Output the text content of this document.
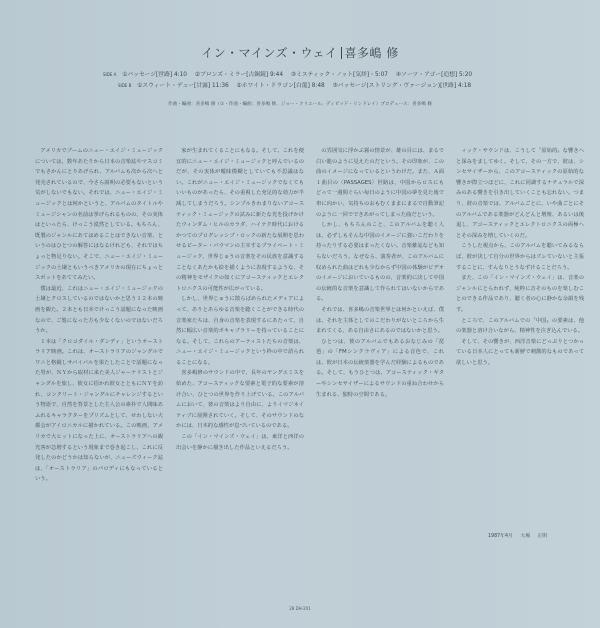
イン・マインズ・ウェイ 喜多嶋 修
SIDE A ①パッセージ[世路] 4:10 ②ブロンズ・ミラー[古銅鏡] 9:44 ③ミスティック・ノット[気絆]・5:07 ④ソーツ・アゴー[追想] 5:20
SIDE B ①スウィート・デュー[甘露] 11:36 ②ホワイト・ドラゴン[白龍] 8:48 ③パッセージ(ストリング・ヴァージョン)[世路] 4:18
作曲・編曲：喜多嶋 修（①・作曲・編曲：喜多嶋 修、ジョー・クリエール、ディビッド・リンドレイ）プロデュース：喜多嶋 修

アメリカでブームのニュー・エイジ・ミュージックについては、数年あたりから日本の音楽誌やマスコミでもさかんにとりあげられ、アルバムも次から次へと発売されているので、今さら説明の必要もないという気がしないでもない。それでは、ニュー・エイジ・ミュージックとは何かというと、アルバムのタイトルやミュージシャンの名前は挙げられるものの、その実体はといったら、けっこう漠然としている。もちろん、既製のジャンルにあてはめることはできない音楽、というのはひとつの解答にはなるけれども、それではちょっと物足りない。そこで、ニュー・エイジ・ミュージックの土壌ともいうべきアメリカの現在にちょっとスポットをあててみたい。

僕は最近、これはニュー・エイジ・ミュージックの土壌とクロスしているのではないかと思う１２本の映画を観た。２本とも日本でけっこう話題になった映画なので、ご覧になった方も少なくないのではないだろうか。

１本は「クロコダイル・ダンディ」というオーストラリア映画。これは、オーストラリアのジャングルでワニと格闘しサバイバルを果たしたことで話題になった男が、ＮＹから取材に来た美人ジャーナリストとジャングルを旅し、彼女に招かれ彼女とともにＮＹを訪れ、コンクリート・ジャングルにチャレンジするという物語で、自然を背景とした主人公の素朴で人間味あふれるキャラクターをプリズムとして、せわしない大都会がアイロニカルに描かれている。この映画、アメリカで大ヒットになった上に、オーストラリアへの観光客が急増するという現象まで巻き起こし、これに反発したのかどうかは知らないが、ニューズウィーク誌は、「オーストラリア」のパロディにもなっているという。

家が生まれてくることにもなる。そして、これを便宜的にニュー・エイジ・ミュージックと呼んでいるのだが、その実体が曖昧模糊としていても不思議はない。これがニュー・エイジ・ミュージックでなくてもいいものがあったら、その重視した充足的な効力が半減してしまうだろう。シンプルきわまりないアコースティック・ミュージックの試みに新たな光を投げかけたウィンダム・ヒルのカラダ、ハイテク時代におけるかつてのプログレッシブ・ロックの新たな展開を思わせるピーター・バウマンの主宰するプライベート・ミュージック、世界じゅうの音楽をその民族を意識することなくあたかも絵を描くように表現するような、その精神をモザイクの如くにアコースティックとエレクトロニクスの可能性が広がっている。

しかし、世界じゅうに散らばめられたメディアによって、ありとあらゆる音楽を聴くことができる時代の音楽家たちは、自身の音楽を表現するにあたって、自然に幅広い音楽的ボキャブラリーを持っていることになる。そして、これらのアーティストたちの音楽は、ニュー・エイジ・ミュージックという枠の中で語られることになる。

喜多嶋修のサウンドの中で、長年のヤングエミスを始めた、アコースティックな要素と電子的な要素が溶け合い、ひとつの世界を作り上げている。このアルバムにおいて、彼の音楽はより自由に、よりイマジネイティブに展開されていく。そして、そのサウンドのなかには、日本的な感性が息づいているのである。

この「イン・マインズ・ウェイ」は、東洋と西洋の出会いを静かに描き出した作品といえるだろう。

の雰囲気に浮かぶ霧の情景が、雄の目には、まるで白い龍のように見えたのだという。その印象が、この曲のイメージになっているというわけだ。また、Ａ面１曲目の〈PASSAGES〉世路は、中国からロスにもどって一週間ぐらい毎日のように中国の夢を見た後で車に向かい、気持ちのおもむくままにまるで自動筆記のように一回でできあがってしまった曲だという。

しかし、もちろんのこと、このアルバムを聴く人は、必ずしもそんな中国のイメージに強いこだわりを持ったりする必要はまったくない。音楽雑誌なども知らないだろう。なぜなら、演奏者が、このアルバムに収められた曲はどれも少なからず中国の体験がビデオのイメージにおいているものの、音楽的に決して中国の伝統的な音楽を意識して作られてはいないからである。

それでは、喜多嶋の音楽世界とは何かといえば、僕は、それを主体としてのこだわりがないところから生まれてくる、ある自由さにあるのではないかと思う。

ひとつは、彼のアルバムでもあるおなじみの「琵琶」の「FMシンクラヴィア」による音色で、これは、彼が日本の伝統楽器を学んだ経験によるものである。そして、もうひとつは、アコースティック・ギターやシンセサイザーによるサウンドの重ね合わせから生まれる、独特の空間である。

ィック・サウンドは、こうして〝原始的〟な響きへと深みをましてゆく。そして、その一方で、彼は、シンセサイザーから、このアコースティックの原始的な響きが際立つほどに、これに同調するナチュラルで深みのある響きを引き出していくことも忘れない。つまり、彼の音楽では、アルバムごとに、いや曲ごとにそのアルバムである楽器がどんどんと増殖、あるいは後退し、アコースティックとエレクトロニクスの両極へとその深みを増していくのだ。

こうした視点から、このアルバムを聴いてみるならば、彼が決して自分の世界からはズレていないと主張することに、すんなりとうなずけることだろう。

また、この「イン・マインズ・ウェイ」は、音楽のジャンルにとらわれず、純粋に音そのものを楽しむことのできる作品であり、聴く者の心に静かな余韻を残す。

ところで、このアルバムでの〝中国〟の要素は、他の楽器と溶け合いながら、精神性を注ぎ込んでいる。

そして、その響きが、西洋音楽にどっぷりとつかっている日本人にとっても新鮮で刺激的なものであって欲しいと思う。

1987年4月 大場 正明
28 DH-201
